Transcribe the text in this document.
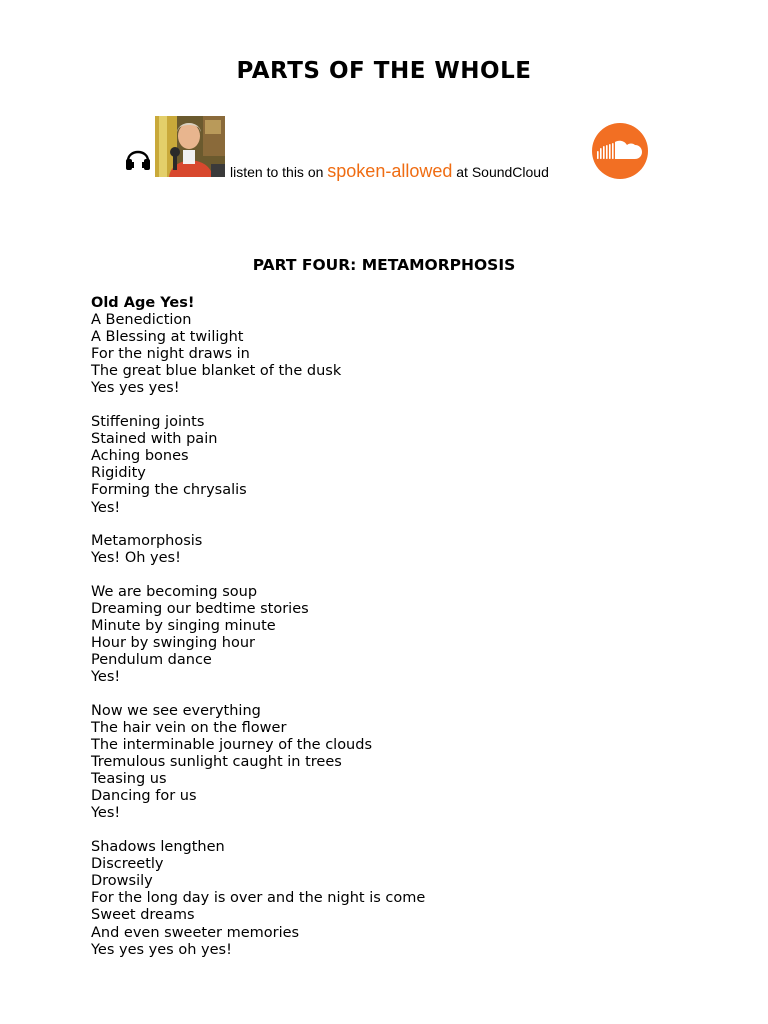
PARTS OF THE WHOLE
listen to this on spoken-allowed at SoundCloud
PART FOUR: METAMORPHOSIS
Old Age Yes!
A Benediction
A Blessing at twilight
For the night draws in
The great blue blanket of the dusk
Yes yes yes!
Stiffening joints
Stained with pain
Aching bones
Rigidity
Forming the chrysalis
Yes!
Metamorphosis
Yes! Oh yes!
We are becoming soup
Dreaming our bedtime stories
Minute by singing minute
Hour by swinging hour
Pendulum dance
Yes!
Now we see everything
The hair vein on the flower
The interminable journey of the clouds
Tremulous sunlight caught in trees
Teasing us
Dancing for us
Yes!
Shadows lengthen
Discreetly
Drowsily
For the long day is over and the night is come
Sweet dreams
And even sweeter memories
Yes yes yes oh yes!
